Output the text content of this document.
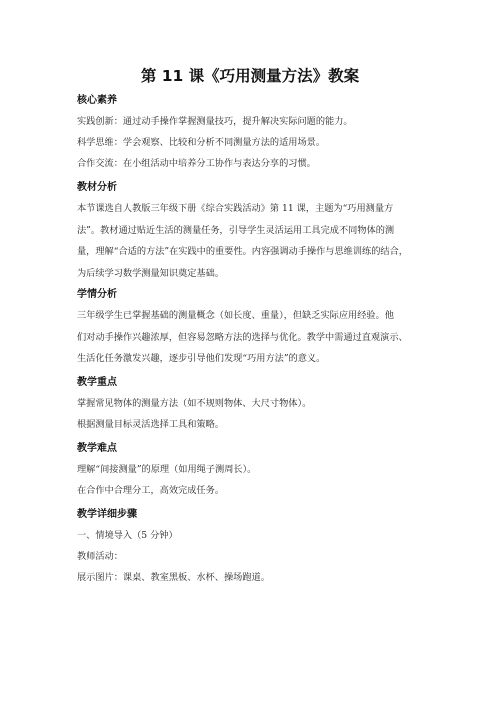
第 11 课《巧用测量方法》教案

核心素养

实践创新：通过动手操作掌握测量技巧，提升解决实际问题的能力。

科学思维：学会观察、比较和分析不同测量方法的适用场景。

合作交流：在小组活动中培养分工协作与表达分享的习惯。

教材分析

本节课选自人教版三年级下册《综合实践活动》第 11 课，主题为“巧用测量方

法”。教材通过贴近生活的测量任务，引导学生灵活运用工具完成不同物体的测

量，理解“合适的方法”在实践中的重要性。内容强调动手操作与思维训练的结合，

为后续学习数学测量知识奠定基础。

学情分析

三年级学生已掌握基础的测量概念（如长度、重量），但缺乏实际应用经验。他

们对动手操作兴趣浓厚，但容易忽略方法的选择与优化。教学中需通过直观演示、

生活化任务激发兴趣，逐步引导他们发现“巧用方法”的意义。

教学重点

掌握常见物体的测量方法（如不规则物体、大尺寸物体）。

根据测量目标灵活选择工具和策略。

教学难点

理解“间接测量”的原理（如用绳子测周长）。

在合作中合理分工，高效完成任务。

教学详细步骤

一、情境导入（5 分钟）

教师活动：

展示图片：课桌、教室黑板、水杯、操场跑道。
